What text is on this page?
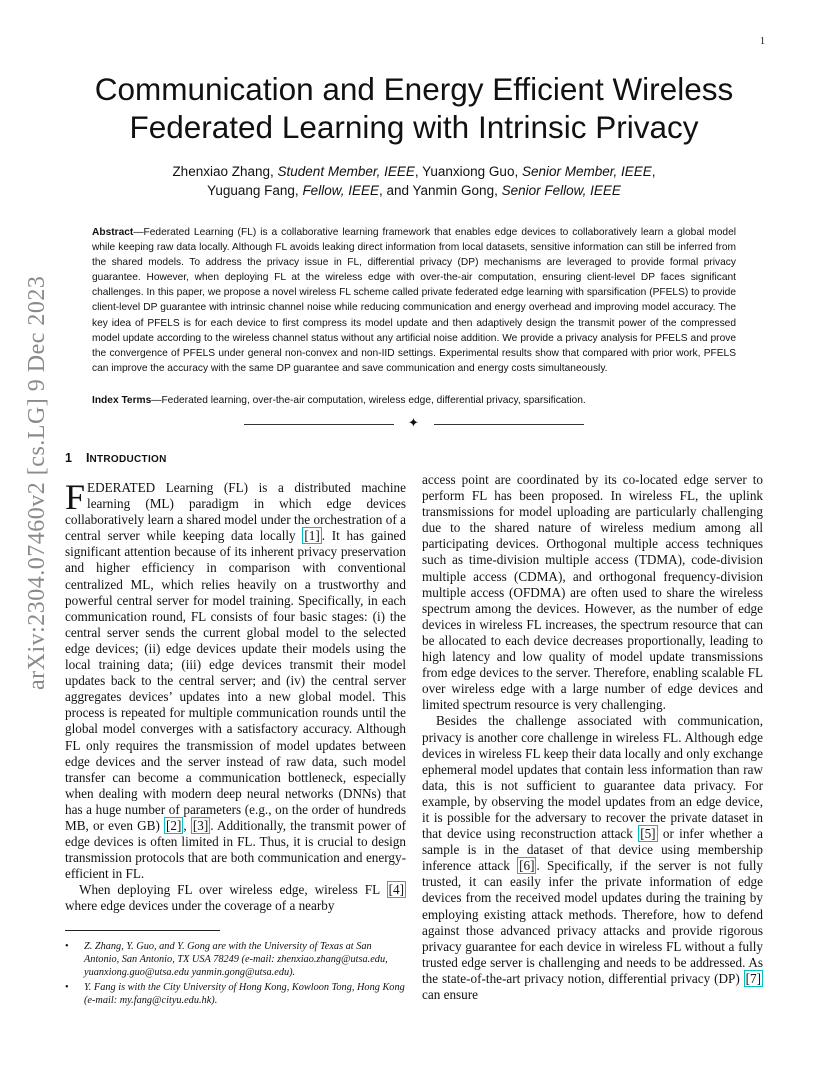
1
arXiv:2304.07460v2 [cs.LG] 9 Dec 2023
Communication and Energy Efficient Wireless Federated Learning with Intrinsic Privacy
Zhenxiao Zhang, Student Member, IEEE, Yuanxiong Guo, Senior Member, IEEE,
Yuguang Fang, Fellow, IEEE, and Yanmin Gong, Senior Fellow, IEEE
Abstract—Federated Learning (FL) is a collaborative learning framework that enables edge devices to collaboratively learn a global model while keeping raw data locally. Although FL avoids leaking direct information from local datasets, sensitive information can still be inferred from the shared models. To address the privacy issue in FL, differential privacy (DP) mechanisms are leveraged to provide formal privacy guarantee. However, when deploying FL at the wireless edge with over-the-air computation, ensuring client-level DP faces significant challenges. In this paper, we propose a novel wireless FL scheme called private federated edge learning with sparsification (PFELS) to provide client-level DP guarantee with intrinsic channel noise while reducing communication and energy overhead and improving model accuracy. The key idea of PFELS is for each device to first compress its model update and then adaptively design the transmit power of the compressed model update according to the wireless channel status without any artificial noise addition. We provide a privacy analysis for PFELS and prove the convergence of PFELS under general non-convex and non-IID settings. Experimental results show that compared with prior work, PFELS can improve the accuracy with the same DP guarantee and save communication and energy costs simultaneously.
Index Terms—Federated learning, over-the-air computation, wireless edge, differential privacy, sparsification.
✦
1 INTRODUCTION

FEDERATED Learning (FL) is a distributed machine learning (ML) paradigm in which edge devices collaboratively learn a shared model under the orchestration of a central server while keeping data locally [1] . It has gained significant attention because of its inherent privacy preservation and higher efficiency in comparison with conventional centralized ML, which relies heavily on a trustworthy and powerful central server for model training. Specifically, in each communication round, FL consists of four basic stages: (i) the central server sends the current global model to the selected edge devices; (ii) edge devices update their models using the local training data; (iii) edge devices transmit their model updates back to the central server; and (iv) the central server aggregates devices’ updates into a new global model. This process is repeated for multiple communication rounds until the global model converges with a satisfactory accuracy. Although FL only requires the transmission of model updates between edge devices and the server instead of raw data, such model transfer can become a communication bottleneck, especially when dealing with modern deep neural networks (DNNs) that has a huge number of parameters (e.g., on the order of hundreds MB, or even GB) [2] , [3] . Additionally, the transmit power of edge devices is often limited in FL. Thus, it is crucial to design transmission protocols that are both communication and energy-efficient in FL.

When deploying FL over wireless edge, wireless FL [4] where edge devices under the coverage of a nearby

• Z. Zhang, Y. Guo, and Y. Gong are with the University of Texas at San Antonio, San Antonio, TX USA 78249 (e-mail: zhenxiao.zhang@utsa.edu, yuanxiong.guo@utsa.edu yanmin.gong@utsa.edu).
• Y. Fang is with the City University of Hong Kong, Kowloon Tong, Hong Kong (e-mail: my.fang@cityu.edu.hk).

access point are coordinated by its co-located edge server to perform FL has been proposed. In wireless FL, the uplink transmissions for model uploading are particularly challenging due to the shared nature of wireless medium among all participating devices. Orthogonal multiple access techniques such as time-division multiple access (TDMA), code-division multiple access (CDMA), and orthogonal frequency-division multiple access (OFDMA) are often used to share the wireless spectrum among the devices. However, as the number of edge devices in wireless FL increases, the spectrum resource that can be allocated to each device decreases proportionally, leading to high latency and low quality of model update transmissions from edge devices to the server. Therefore, enabling scalable FL over wireless edge with a large number of edge devices and limited spectrum resource is very challenging.

Besides the challenge associated with communication, privacy is another core challenge in wireless FL. Although edge devices in wireless FL keep their data locally and only exchange ephemeral model updates that contain less information than raw data, this is not sufficient to guarantee data privacy. For example, by observing the model updates from an edge device, it is possible for the adversary to recover the private dataset in that device using reconstruction attack [5] or infer whether a sample is in the dataset of that device using membership inference attack [6] . Specifically, if the server is not fully trusted, it can easily infer the private information of edge devices from the received model updates during the training by employing existing attack methods. Therefore, how to defend against those advanced privacy attacks and provide rigorous privacy guarantee for each device in wireless FL without a fully trusted edge server is challenging and needs to be addressed. As the state-of-the-art privacy notion, differential privacy (DP) [7] can ensure
